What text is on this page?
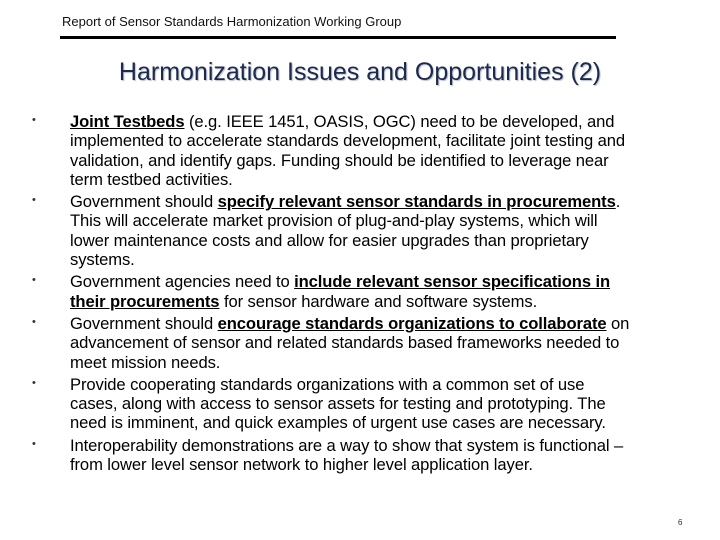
Report of Sensor Standards Harmonization Working Group
Harmonization Issues and Opportunities (2)
• Joint Testbeds (e.g. IEEE 1451, OASIS, OGC) need to be developed, and
implemented to accelerate standards development, facilitate joint testing and
validation, and identify gaps. Funding should be identified to leverage near
term testbed activities.
• Government should specify relevant sensor standards in procurements.
This will accelerate market provision of plug-and-play systems, which will
lower maintenance costs and allow for easier upgrades than proprietary
systems.
• Government agencies need to include relevant sensor specifications in
their procurements for sensor hardware and software systems.
• Government should encourage standards organizations to collaborate on
advancement of sensor and related standards based frameworks needed to
meet mission needs.
• Provide cooperating standards organizations with a common set of use
cases, along with access to sensor assets for testing and prototyping. The
need is imminent, and quick examples of urgent use cases are necessary.
• Interoperability demonstrations are a way to show that system is functional –
from lower level sensor network to higher level application layer.
6
